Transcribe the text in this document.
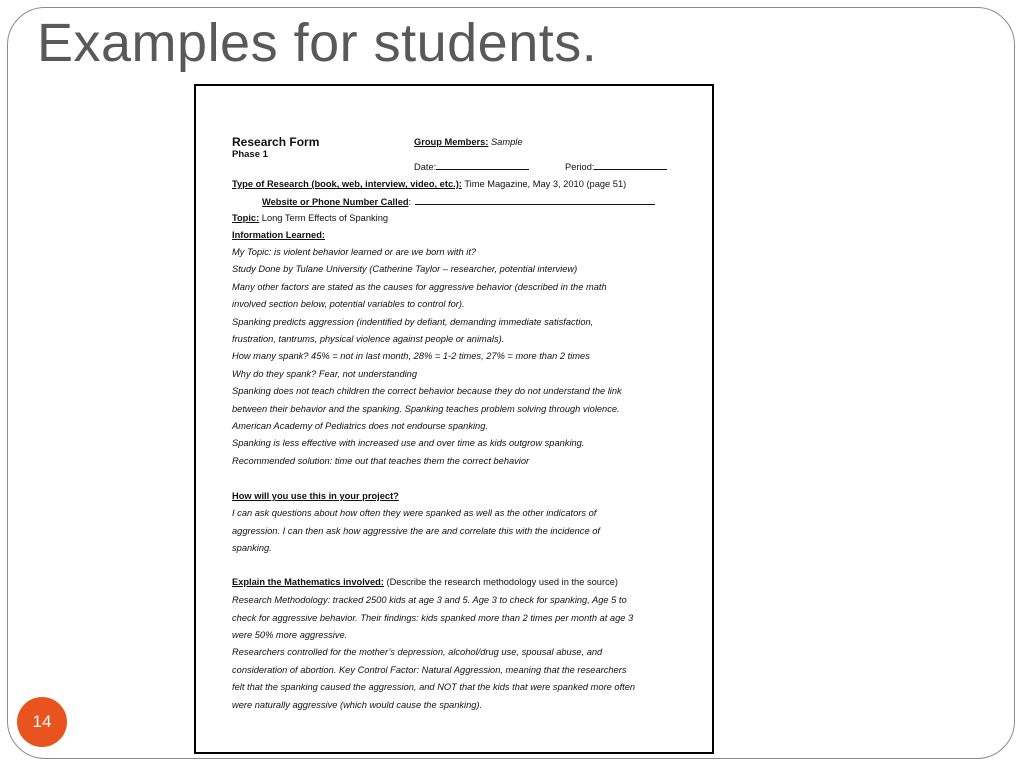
Examples for students.
Research Form
Phase 1
Group Members: Sample
Date:	Period:
Type of Research (book, web, interview, video, etc.): Time Magazine, May 3, 2010 (page 51)
Website or Phone Number Called:
Topic: Long Term Effects of Spanking
Information Learned:
My Topic: is violent behavior learned or are we born with it?
Study Done by Tulane University (Catherine Taylor – researcher, potential interview)
Many other factors are stated as the causes for aggressive behavior (described in the math
involved section below, potential variables to control for).
Spanking predicts aggression (indentified by defiant, demanding immediate satisfaction,
frustration, tantrums, physical violence against people or animals).
How many spank? 45% = not in last month, 28% = 1-2 times, 27% = more than 2 times
Why do they spank? Fear, not understanding
Spanking does not teach children the correct behavior because they do not understand the link
between their behavior and the spanking. Spanking teaches problem solving through violence.
American Academy of Pediatrics does not endourse spanking.
Spanking is less effective with increased use and over time as kids outgrow spanking.
Recommended solution: time out that teaches them the correct behavior
How will you use this in your project?
I can ask questions about how often they were spanked as well as the other indicators of
aggression. I can then ask how aggressive the are and correlate this with the incidence of
spanking.
Explain the Mathematics involved: (Describe the research methodology used in the source)
Research Methodology: tracked 2500 kids at age 3 and 5. Age 3 to check for spanking, Age 5 to
check for aggressive behavior. Their findings: kids spanked more than 2 times per month at age 3
were 50% more aggressive.
Researchers controlled for the mother’s depression, alcohol/drug use, spousal abuse, and
consideration of abortion. Key Control Factor: Natural Aggression, meaning that the researchers
felt that the spanking caused the aggression, and NOT that the kids that were spanked more often
were naturally aggressive (which would cause the spanking).
14
